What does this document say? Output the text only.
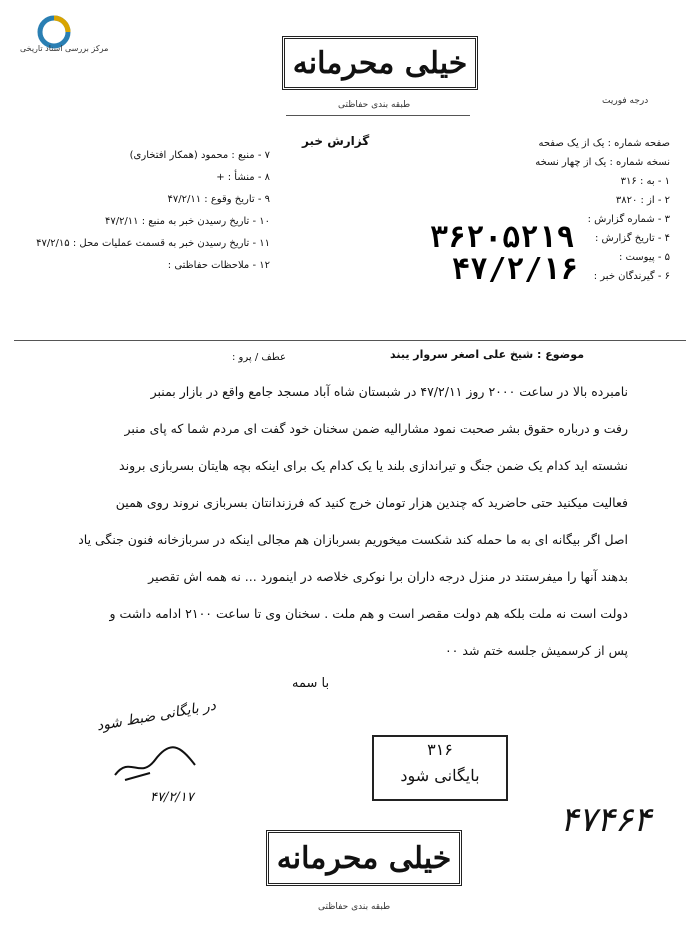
مرکز بررسی اسناد تاریخی	خیلی محرمانه
طبقه بندی حفاظتی
گزارش خبر
درجه فوریت
۷ - منبع : محمود (همکار افتخاری)
۸ - منشأ : +
۹ - تاریخ وقوع : ۴۷/۲/۱۱
۱۰ - تاریخ رسیدن خبر به منبع : ۴۷/۲/۱۱
۱۱ - تاریخ رسیدن خبر به قسمت عملیات محل : ۴۷/۲/۱۵
۱۲ - ملاحظات حفاظتی :
صفحه شماره : یک از یک صفحه
نسخه شماره : یک از چهار نسخه
۱ - به : ۳۱۶
۲ - از : ۳۸۲۰
۳ - شماره گزارش :
۴ - تاریخ گزارش :
۵ - پیوست :
۶ - گیرندگان خبر :
۳۶۲۰۵۲۱۹
۴۷/۲/۱۶
موضوع : شیخ علی اصغر سروار یبند
عطف / پرو :
نامبرده بالا در ساعت ۲۰۰۰ روز ۴۷/۲/۱۱ در شبستان شاه آباد مسجد جامع واقع در بازار بمنبر
رفت و درباره حقوق بشر صحبت نمود مشارالیه ضمن سخنان خود گفت ای مردم شما که پای منبر
نشسته اید کدام یک ضمن جنگ و تیراندازی بلند یا یک کدام یک برای اینکه بچه هایتان بسربازی بروند
فعالیت میکنید حتی حاضرید که چندین هزار تومان خرج کنید که فرزندانتان بسربازی نروند روی همین
اصل اگر بیگانه ای به ما حمله کند شکست میخوریم بسربازان هم مجالی اینکه در سربازخانه فنون جنگی یاد
بدهند آنها را میفرستند در منزل درجه داران برا نوکری خلاصه در اینمورد ... نه همه اش تقصیر
دولت است نه ملت بلکه هم دولت مقصر است و هم ملت . سخنان وی تا ساعت ۲۱۰۰ ادامه داشت و
پس از کرسمیش جلسه ختم شد ۰۰
با سمه
در بایگانی ضبط شود
۴۷/۲/۱۷
۳۱۶
بایگانی شود
۴۷۴۶۴
خیلی محرمانه
طبقه بندی حفاظتی
